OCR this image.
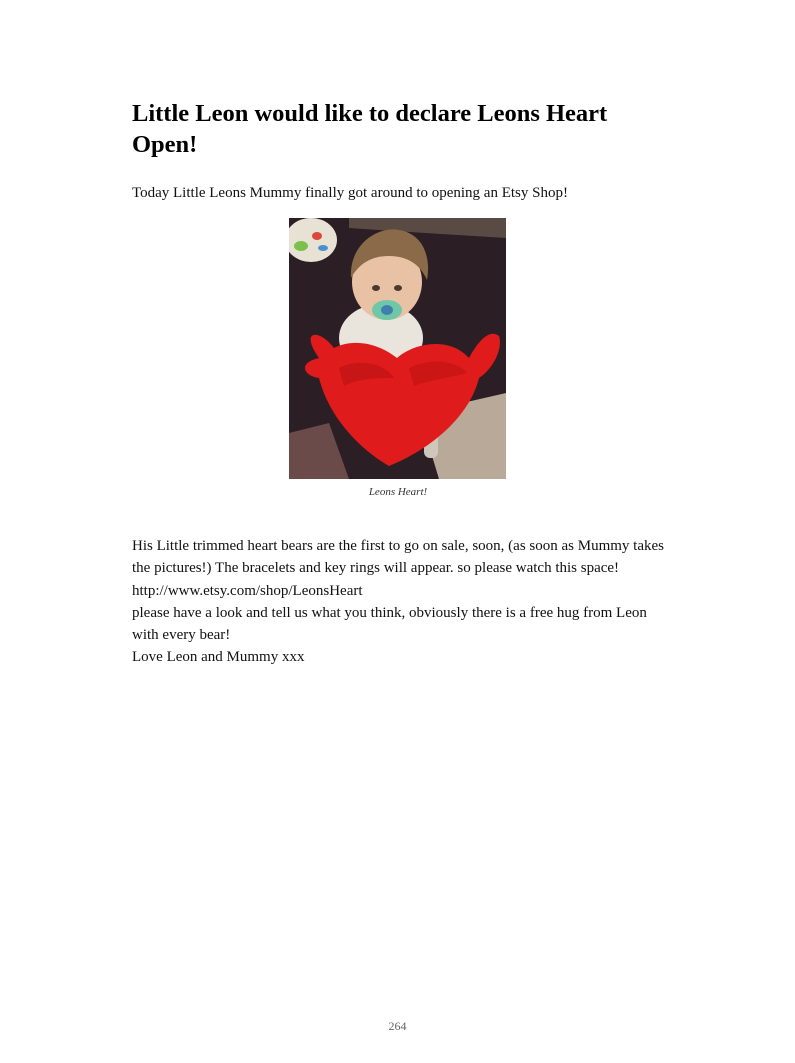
Little Leon would like to declare Leons Heart Open!

Today Little Leons Mummy finally got around to opening an Etsy Shop!

Leons Heart!

His Little trimmed heart bears are the first to go on sale, soon, (as soon as Mummy takes the pictures!) The bracelets and key rings will appear. so please watch this space!

http://www.etsy.com/shop/LeonsHeart

please have a look and tell us what you think, obviously there is a free hug from Leon with every bear!

Love Leon and Mummy xxx

264
